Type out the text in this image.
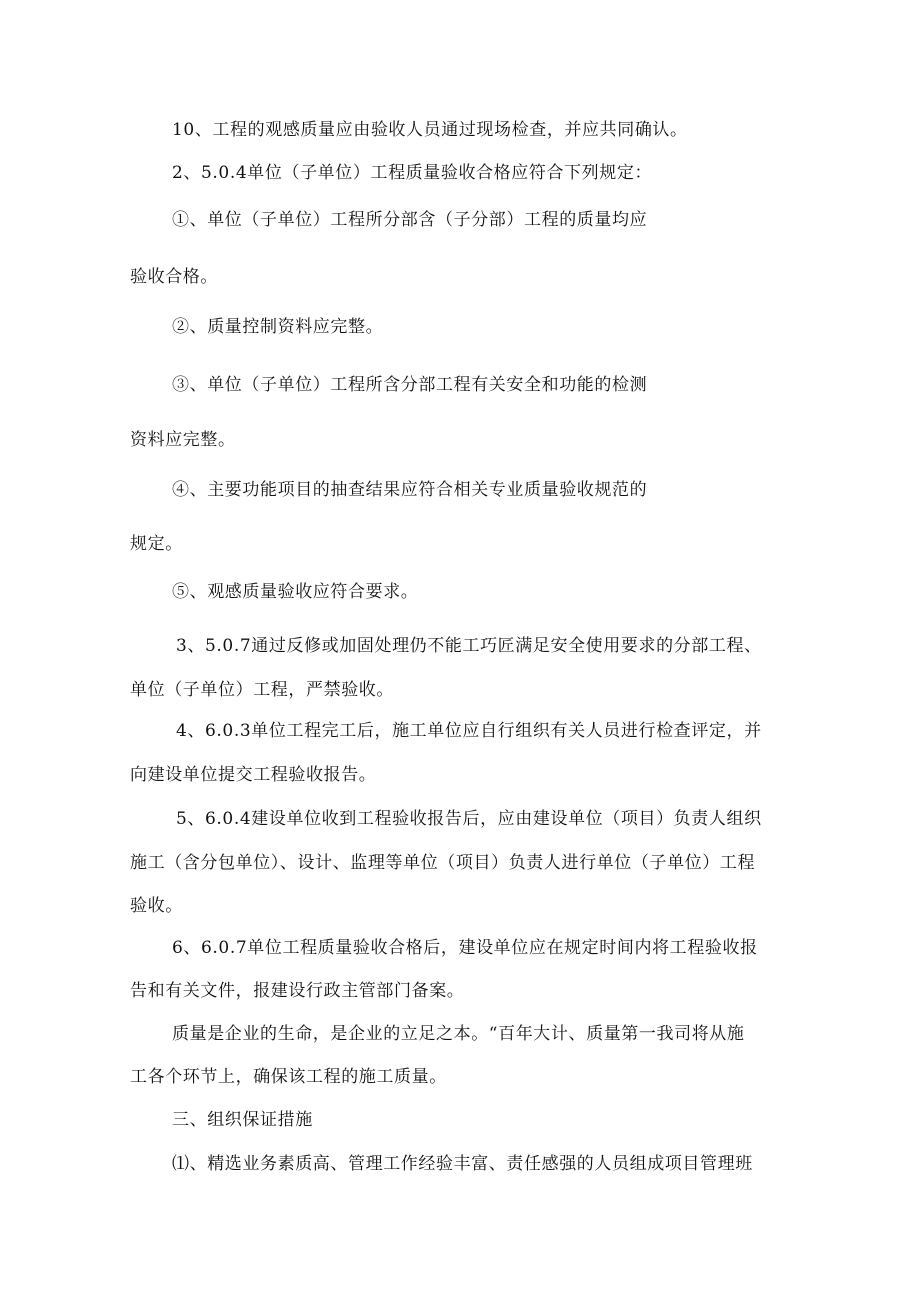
10、工程的观感质量应由验收人员通过现场检查，并应共同确认。
2、5.0.4单位（子单位）工程质量验收合格应符合下列规定：
①、单位（子单位）工程所分部含（子分部）工程的质量均应
验收合格。
②、质量控制资料应完整。
③、单位（子单位）工程所含分部工程有关安全和功能的检测
资料应完整。
④、主要功能项目的抽查结果应符合相关专业质量验收规范的
规定。
⑤、观感质量验收应符合要求。
3、5.0.7通过反修或加固处理仍不能工巧匠满足安全使用要求的分部工程、
单位（子单位）工程，严禁验收。
4、6.0.3单位工程完工后，施工单位应自行组织有关人员进行检查评定，并
向建设单位提交工程验收报告。
5、6.0.4建设单位收到工程验收报告后，应由建设单位（项目）负责人组织
施工（含分包单位）、设计、监理等单位（项目）负责人进行单位（子单位）工程
验收。
6、6.0.7单位工程质量验收合格后，建设单位应在规定时间内将工程验收报
告和有关文件，报建设行政主管部门备案。
质量是企业的生命，是企业的立足之本。“百年大计、质量第一我司将从施
工各个环节上，确保该工程的施工质量。
三、组织保证措施
⑴、精选业务素质高、管理工作经验丰富、责任感强的人员组成项目管理班
